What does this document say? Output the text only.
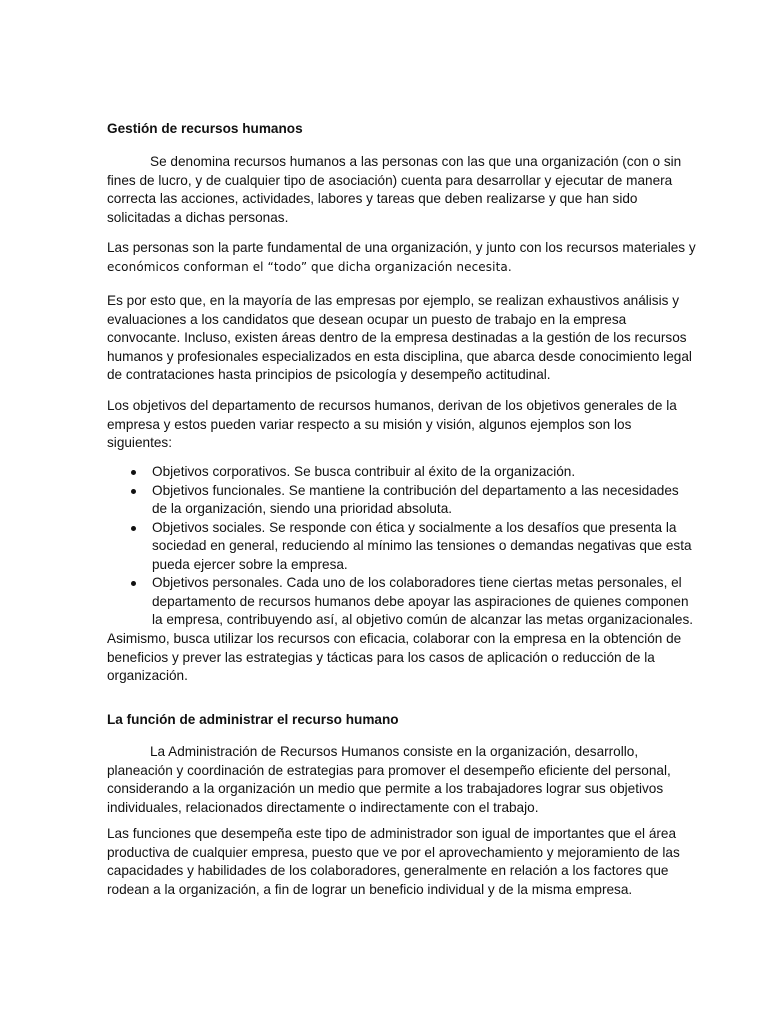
Gestión de recursos humanos
Se denomina recursos humanos a las personas con las que una organización (con o sin
fines de lucro, y de cualquier tipo de asociación) cuenta para desarrollar y ejecutar de manera
correcta las acciones, actividades, labores y tareas que deben realizarse y que han sido
solicitadas a dichas personas.
Las personas son la parte fundamental de una organización, y junto con los recursos materiales y
económicos conforman el “todo” que dicha organización necesita.
Es por esto que, en la mayoría de las empresas por ejemplo, se realizan exhaustivos análisis y
evaluaciones a los candidatos que desean ocupar un puesto de trabajo en la empresa
convocante. Incluso, existen áreas dentro de la empresa destinadas a la gestión de los recursos
humanos y profesionales especializados en esta disciplina, que abarca desde conocimiento legal
de contrataciones hasta principios de psicología y desempeño actitudinal.
Los objetivos del departamento de recursos humanos, derivan de los objetivos generales de la
empresa y estos pueden variar respecto a su misión y visión, algunos ejemplos son los
siguientes:
Objetivos corporativos. Se busca contribuir al éxito de la organización.
Objetivos funcionales. Se mantiene la contribución del departamento a las necesidades
de la organización, siendo una prioridad absoluta.
Objetivos sociales. Se responde con ética y socialmente a los desafíos que presenta la
sociedad en general, reduciendo al mínimo las tensiones o demandas negativas que esta
pueda ejercer sobre la empresa.
Objetivos personales. Cada uno de los colaboradores tiene ciertas metas personales, el
departamento de recursos humanos debe apoyar las aspiraciones de quienes componen
la empresa, contribuyendo así, al objetivo común de alcanzar las metas organizacionales.
Asimismo, busca utilizar los recursos con eficacia, colaborar con la empresa en la obtención de
beneficios y prever las estrategias y tácticas para los casos de aplicación o reducción de la
organización.
La función de administrar el recurso humano
La Administración de Recursos Humanos consiste en la organización, desarrollo,
planeación y coordinación de estrategias para promover el desempeño eficiente del personal,
considerando a la organización un medio que permite a los trabajadores lograr sus objetivos
individuales, relacionados directamente o indirectamente con el trabajo.
Las funciones que desempeña este tipo de administrador son igual de importantes que el área
productiva de cualquier empresa, puesto que ve por el aprovechamiento y mejoramiento de las
capacidades y habilidades de los colaboradores, generalmente en relación a los factores que
rodean a la organización, a fin de lograr un beneficio individual y de la misma empresa.
